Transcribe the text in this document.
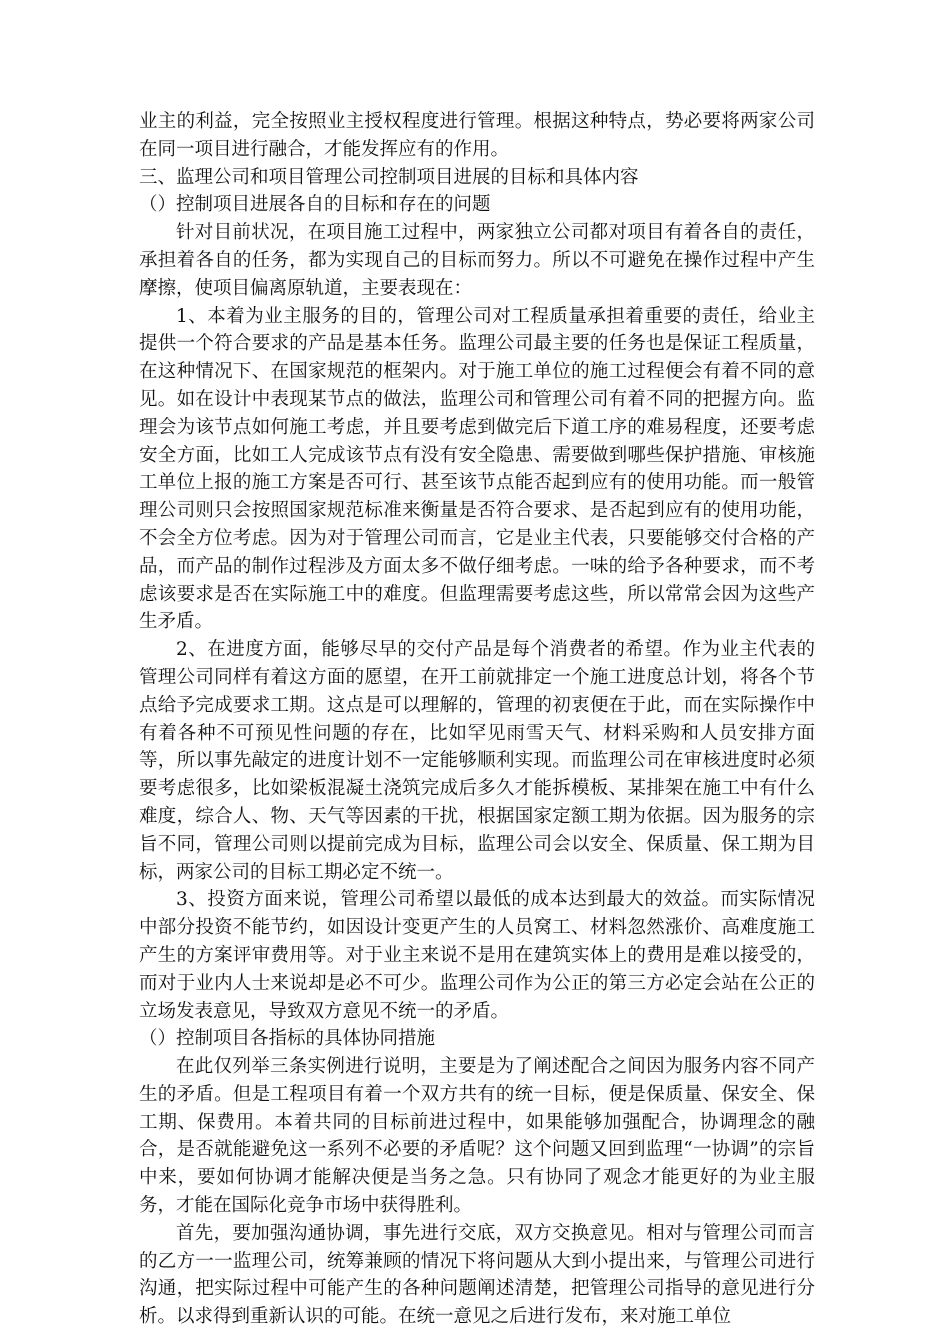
业主的利益，完全按照业主授权程度进行管理。根据这种特点，势必要将两家公司在同一项目进行融合，才能发挥应有的作用。

三、监理公司和项目管理公司控制项目进展的目标和具体内容

（）控制项目进展各自的目标和存在的问题

针对目前状况，在项目施工过程中，两家独立公司都对项目有着各自的责任，承担着各自的任务，都为实现自己的目标而努力。所以不可避免在操作过程中产生摩擦，使项目偏离原轨道，主要表现在：

1、本着为业主服务的目的，管理公司对工程质量承担着重要的责任，给业主提供一个符合要求的产品是基本任务。监理公司最主要的任务也是保证工程质量，在这种情况下、在国家规范的框架内。对于施工单位的施工过程便会有着不同的意见。如在设计中表现某节点的做法，监理公司和管理公司有着不同的把握方向。监理会为该节点如何施工考虑，并且要考虑到做完后下道工序的难易程度，还要考虑安全方面，比如工人完成该节点有没有安全隐患、需要做到哪些保护措施、审核施工单位上报的施工方案是否可行、甚至该节点能否起到应有的使用功能。而一般管理公司则只会按照国家规范标准来衡量是否符合要求、是否起到应有的使用功能，不会全方位考虑。因为对于管理公司而言，它是业主代表，只要能够交付合格的产品，而产品的制作过程涉及方面太多不做仔细考虑。一味的给予各种要求，而不考虑该要求是否在实际施工中的难度。但监理需要考虑这些，所以常常会因为这些产生矛盾。

2、在进度方面，能够尽早的交付产品是每个消费者的希望。作为业主代表的管理公司同样有着这方面的愿望，在开工前就排定一个施工进度总计划，将各个节点给予完成要求工期。这点是可以理解的，管理的初衷便在于此，而在实际操作中有着各种不可预见性问题的存在，比如罕见雨雪天气、材料采购和人员安排方面等，所以事先敲定的进度计划不一定能够顺利实现。而监理公司在审核进度时必须要考虑很多，比如梁板混凝土浇筑完成后多久才能拆模板、某排架在施工中有什么难度，综合人、物、天气等因素的干扰，根据国家定额工期为依据。因为服务的宗旨不同，管理公司则以提前完成为目标，监理公司会以安全、保质量、保工期为目标，两家公司的目标工期必定不统一。

3、投资方面来说，管理公司希望以最低的成本达到最大的效益。而实际情况中部分投资不能节约，如因设计变更产生的人员窝工、材料忽然涨价、高难度施工产生的方案评审费用等。对于业主来说不是用在建筑实体上的费用是难以接受的，而对于业内人士来说却是必不可少。监理公司作为公正的第三方必定会站在公正的立场发表意见，导致双方意见不统一的矛盾。

（）控制项目各指标的具体协同措施

在此仅列举三条实例进行说明，主要是为了阐述配合之间因为服务内容不同产生的矛盾。但是工程项目有着一个双方共有的统一目标，便是保质量、保安全、保工期、保费用。本着共同的目标前进过程中，如果能够加强配合，协调理念的融合，是否就能避免这一系列不必要的矛盾呢？这个问题又回到监理“一协调”的宗旨中来，要如何协调才能解决便是当务之急。只有协同了观念才能更好的为业主服务，才能在国际化竞争市场中获得胜利。

首先，要加强沟通协调，事先进行交底，双方交换意见。相对与管理公司而言的乙方一一监理公司，统筹兼顾的情况下将问题从大到小提出来，与管理公司进行沟通，把实际过程中可能产生的各种问题阐述清楚，把管理公司指导的意见进行分析。以求得到重新认识的可能。在统一意见之后进行发布，来对施工单位
